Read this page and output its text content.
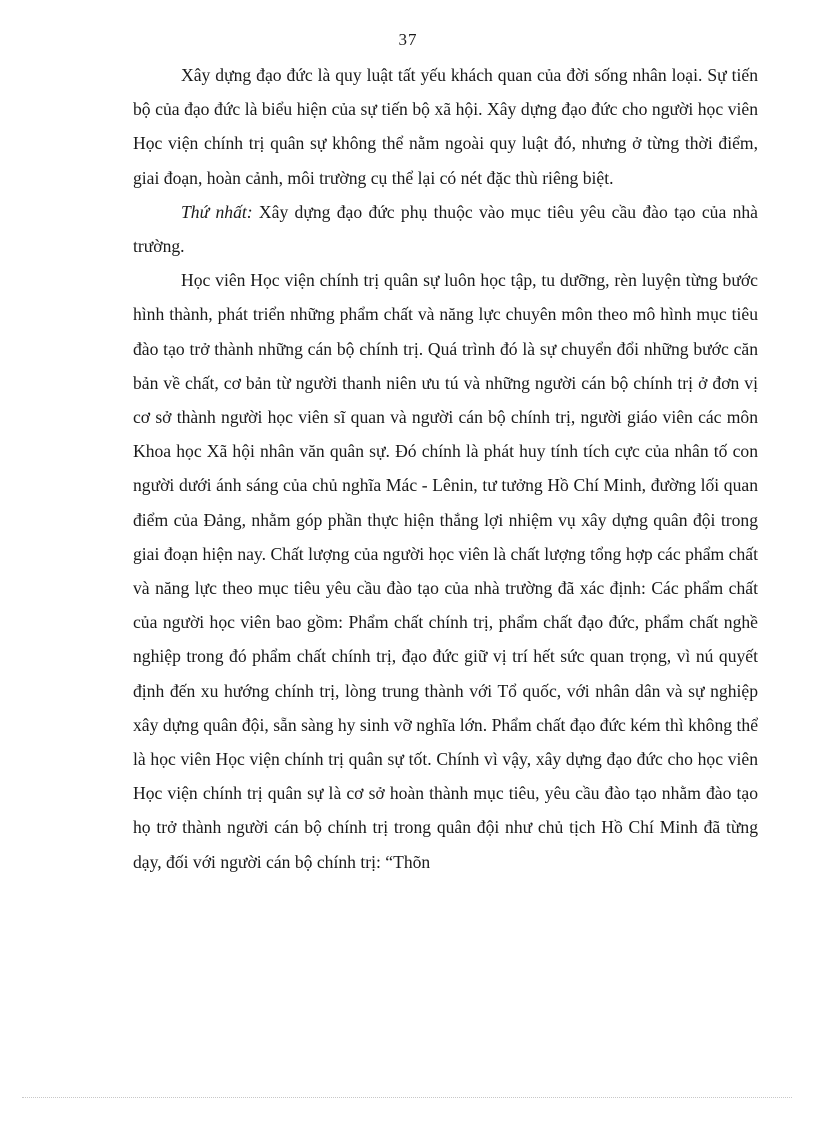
37

Xây dựng đạo đức là quy luật tất yếu khách quan của đời sống nhân loại. Sự tiến bộ của đạo đức là biểu hiện của sự tiến bộ xã hội. Xây dựng đạo đức cho người học viên Học viện chính trị quân sự không thể nằm ngoài quy luật đó, nhưng ở từng thời điểm, giai đoạn, hoàn cảnh, môi trường cụ thể lại có nét đặc thù riêng biệt.

Thứ nhất: Xây dựng đạo đức phụ thuộc vào mục tiêu yêu cầu đào tạo của nhà trường.

Học viên Học viện chính trị quân sự luôn học tập, tu dưỡng, rèn luyện từng bước hình thành, phát triển những phẩm chất và năng lực chuyên môn theo mô hình mục tiêu đào tạo trở thành những cán bộ chính trị. Quá trình đó là sự chuyển đổi những bước căn bản về chất, cơ bản từ người thanh niên ưu tú và những người cán bộ chính trị ở đơn vị cơ sở thành người học viên sĩ quan và người cán bộ chính trị, người giáo viên các môn Khoa học Xã hội nhân văn quân sự. Đó chính là phát huy tính tích cực của nhân tố con người dưới ánh sáng của chủ nghĩa Mác - Lênin, tư tưởng Hồ Chí Minh, đường lối quan điểm của Đảng, nhằm góp phần thực hiện thắng lợi nhiệm vụ xây dựng quân đội trong giai đoạn hiện nay. Chất lượng của người học viên là chất lượng tổng hợp các phẩm chất và năng lực theo mục tiêu yêu cầu đào tạo của nhà trường đã xác định: Các phẩm chất của người học viên bao gồm: Phẩm chất chính trị, phẩm chất đạo đức, phẩm chất nghề nghiệp trong đó phẩm chất chính trị, đạo đức giữ vị trí hết sức quan trọng, vì nú quyết định đến xu hướng chính trị, lòng trung thành với Tổ quốc, với nhân dân và sự nghiệp xây dựng quân đội, sẵn sàng hy sinh vỡ nghĩa lớn. Phẩm chất đạo đức kém thì không thể là học viên Học viện chính trị quân sự tốt. Chính vì vậy, xây dựng đạo đức cho học viên Học viện chính trị quân sự là cơ sở hoàn thành mục tiêu, yêu cầu đào tạo nhằm đào tạo họ trở thành người cán bộ chính trị trong quân đội như chủ tịch Hồ Chí Minh đã từng dạy, đối với người cán bộ chính trị: “Thõn
